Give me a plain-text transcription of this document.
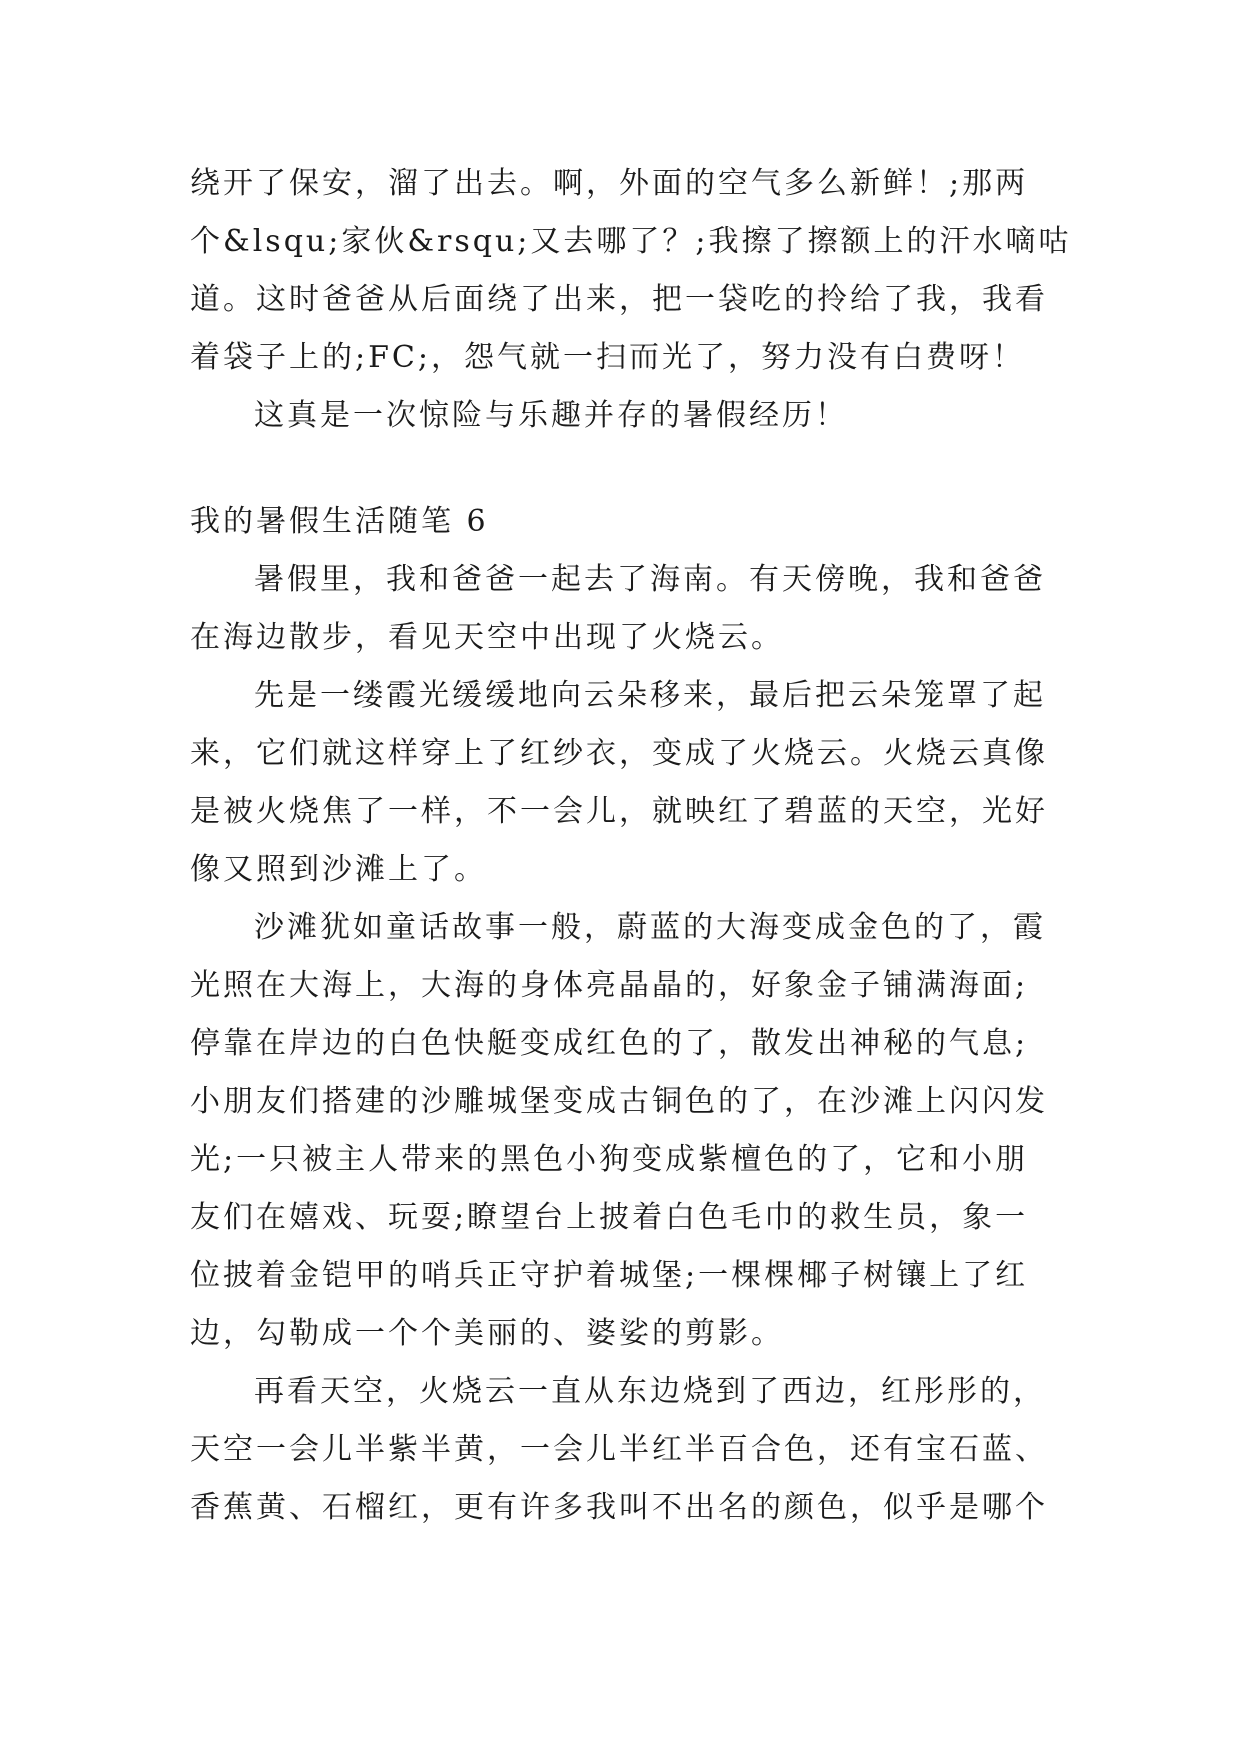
绕开了保安，溜了出去。啊，外面的空气多么新鲜！;那两
个&lsqu;家伙&rsqu;又去哪了？;我擦了擦额上的汗水嘀咕
道。这时爸爸从后面绕了出来，把一袋吃的拎给了我，我看
着袋子上的;FC;，怨气就一扫而光了，努力没有白费呀！
这真是一次惊险与乐趣并存的暑假经历！
我的暑假生活随笔 6
暑假里，我和爸爸一起去了海南。有天傍晚，我和爸爸
在海边散步，看见天空中出现了火烧云。
先是一缕霞光缓缓地向云朵移来，最后把云朵笼罩了起
来，它们就这样穿上了红纱衣，变成了火烧云。火烧云真像
是被火烧焦了一样，不一会儿，就映红了碧蓝的天空，光好
像又照到沙滩上了。
沙滩犹如童话故事一般，蔚蓝的大海变成金色的了，霞
光照在大海上，大海的身体亮晶晶的，好象金子铺满海面;
停靠在岸边的白色快艇变成红色的了，散发出神秘的气息;
小朋友们搭建的沙雕城堡变成古铜色的了，在沙滩上闪闪发
光;一只被主人带来的黑色小狗变成紫檀色的了，它和小朋
友们在嬉戏、玩耍;瞭望台上披着白色毛巾的救生员，象一
位披着金铠甲的哨兵正守护着城堡;一棵棵椰子树镶上了红
边，勾勒成一个个美丽的、婆娑的剪影。
再看天空，火烧云一直从东边烧到了西边，红彤彤的，
天空一会儿半紫半黄，一会儿半红半百合色，还有宝石蓝、
香蕉黄、石榴红，更有许多我叫不出名的颜色，似乎是哪个
